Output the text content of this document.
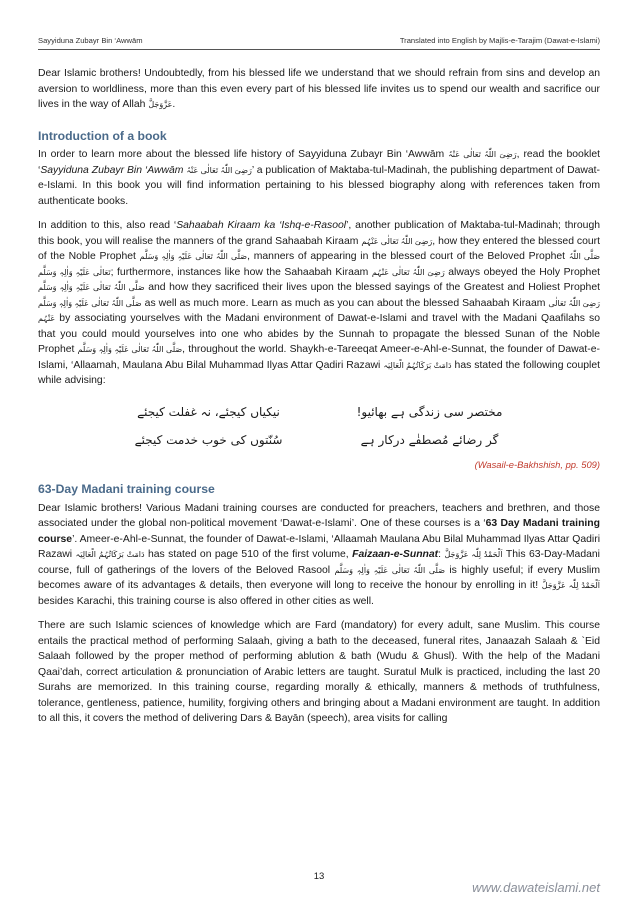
Sayyiduna Zubayr Bin ‘Awwām	Translated into English by Majlis-e-Tarajim (Dawat-e-Islami)

Dear Islamic brothers! Undoubtedly, from his blessed life we understand that we should refrain from sins and develop an aversion to worldliness, more than this even every part of his blessed life invites us to spend our wealth and sacrifice our lives in the way of Allah عَزَّوَجَلَّ.

Introduction of a book

In order to learn more about the blessed life history of Sayyiduna Zubayr Bin ‘Awwām رَضِیَ اللّٰہُ تَعَالٰی عَنْہُ, read the booklet ‘Sayyiduna Zubayr Bin ‘Awwām رَضِیَ اللّٰہُ تَعَالٰی عَنْہُ’ a publication of Maktaba-tul-Madinah, the publishing department of Dawat-e-Islami. In this book you will find information pertaining to his blessed biography along with references taken from authenticate books.

In addition to this, also read ‘Sahaabah Kiraam ka ‘Ishq-e-Rasool’, another publication of Maktaba-tul-Madinah; through this book, you will realise the manners of the grand Sahaabah Kiraam رَضِیَ اللّٰہُ تَعَالٰی عَنْہُم, how they entered the blessed court of the Noble Prophet صَلَّی اللّٰہُ تَعَالٰی عَلَیْہِ وَاٰلِہٖ وَسَلَّم, manners of appearing in the blessed court of the Beloved Prophet صَلَّی اللّٰہُ تَعَالٰی عَلَیْہِ وَاٰلِہٖ وَسَلَّم; furthermore, instances like how the Sahaabah Kiraam رَضِیَ اللّٰہُ تَعَالٰی عَنْہُم always obeyed the Holy Prophet صَلَّی اللّٰہُ تَعَالٰی عَلَیْہِ وَاٰلِہٖ وَسَلَّم and how they sacrificed their lives upon the blessed sayings of the Greatest and Holiest Prophet صَلَّی اللّٰہُ تَعَالٰی عَلَیْہِ وَاٰلِہٖ وَسَلَّم as well as much more. Learn as much as you can about the blessed Sahaabah Kiraam رَضِیَ اللّٰہُ تَعَالٰی عَنْہُم by associating yourselves with the Madani environment of Dawat-e-Islami and travel with the Madani Qaafilahs so that you could mould yourselves into one who abides by the Sunnah to propagate the blessed Sunan of the Noble Prophet صَلَّی اللّٰہُ تَعَالٰی عَلَیْہِ وَاٰلِہٖ وَسَلَّم, throughout the world. Shaykh-e-Tareeqat Ameer-e-Ahl-e-Sunnat, the founder of Dawat-e-Islami, ‘Allaamah, Maulana Abu Bilal Muhammad Ilyas Attar Qadiri Razawi دَامَتْ بَرَکَاتُہُمُ الْعَالِیَہ has stated the following couplet while advising:

مختصر سی زندگی ہے بھائیو!
نیکیاں کیجئے، نہ غفلت کیجئے
گر رضائے مُصطفٰے درکار ہے
سُنّتوں کی خوب خدمت کیجئے
(Wasail-e-Bakhshish, pp. 509)
63-Day Madani training course

Dear Islamic brothers! Various Madani training courses are conducted for preachers, teachers and brethren, and those associated under the global non-political movement ‘Dawat-e-Islami’. One of these courses is a ‘63 Day Madani training course’. Ameer-e-Ahl-e-Sunnat, the founder of Dawat-e-Islami, ‘Allaamah Maulana Abu Bilal Muhammad Ilyas Attar Qadiri Razawi دَامَتْ بَرَکَاتُہُمُ الْعَالِیَہ has stated on page 510 of the first volume, Faizaan-e-Sunnat: اَلْحَمْدُ لِلّٰہ عَزَّوَجَلَّ This 63-Day-Madani course, full of gatherings of the lovers of the Beloved Rasool صَلَّی اللّٰہُ تَعَالٰی عَلَیْہِ وَاٰلِہٖ وَسَلَّم is highly useful; if every Muslim becomes aware of its advantages & details, then everyone will long to receive the honour by enrolling in it! اَلْحَمْدُ لِلّٰہ عَزَّوَجَلَّ besides Karachi, this training course is also offered in other cities as well.

There are such Islamic sciences of knowledge which are Fard (mandatory) for every adult, sane Muslim. This course entails the practical method of performing Salaah, giving a bath to the deceased, funeral rites, Janaazah Salaah & `Eid Salaah followed by the proper method of performing ablution & bath (Wudu & Ghusl). With the help of the Madani Qaai’dah, correct articulation & pronunciation of Arabic letters are taught. Suratul Mulk is practiced, including the last 20 Surahs are memorized. In this training course, regarding morally & ethically, manners & methods of truthfulness, tolerance, gentleness, patience, humility, forgiving others and bringing about a Madani environment are taught. In addition to all this, it covers the method of delivering Dars & Bayān (speech), area visits for calling

13
www.dawateislami.net
